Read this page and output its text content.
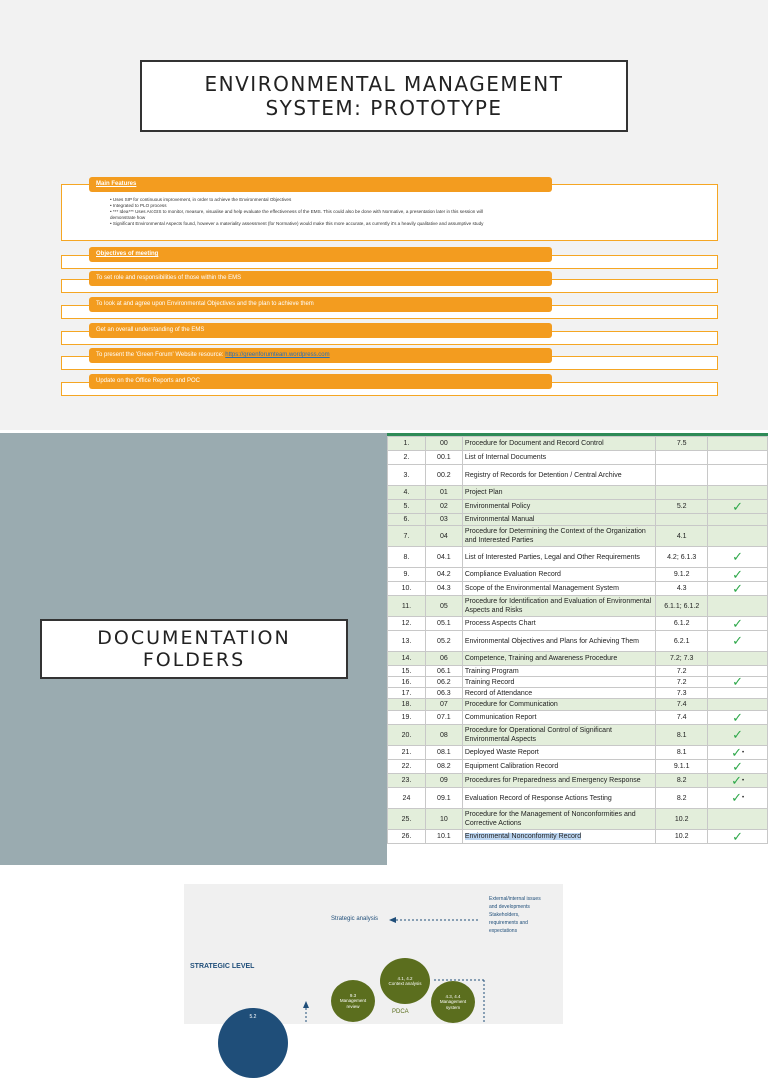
ENVIRONMENTAL MANAGEMENT
SYSTEM: PROTOTYPE
Main Features
• Uses SIP for continuous improvement, in order to achieve the Environmental Objectives
• Integrated to PLO process
• *** Idea*** Uses ArcGIS to monitor, measure, visualise and help evaluate the effectiveness of the EMS. This could also be done with Normative, a presentation later in this session will
demonstrate how
• Significant Environmental Aspects found, however a materiality assessment (for Normative) would make this more accurate, as currently it's a heavily qualitative and assumptive study
Objectives of meeting
To set role and responsibilities of those within the EMS
To look at and agree upon Environmental Objectives and the plan to achieve them
Get an overall understanding of the EMS
To present the 'Green Forum' Website resource: https://greenforumteam.wordpress.com
Update on the Office Reports and POC
DOCUMENTATION
FOLDERS
1.	00	Procedure for Document and Record Control	7.5	
2.	00.1	List of Internal Documents		
3.	00.2	Registry of Records for Detention / Central Archive		
4.	01	Project Plan		
5.	02	Environmental Policy	5.2	✓
6.	03	Environmental Manual		
7.	04	Procedure for Determining the Context of the Organization and Interested Parties	4.1	
8.	04.1	List of Interested Parties, Legal and Other Requirements	4.2; 6.1.3	✓
9.	04.2	Compliance Evaluation Record	9.1.2	✓
10.	04.3	Scope of the Environmental Management System	4.3	✓
11.	05	Procedure for Identification and Evaluation of Environmental Aspects and Risks	6.1.1; 6.1.2	
12.	05.1	Process Aspects Chart	6.1.2	✓
13.	05.2	Environmental Objectives and Plans for Achieving Them	6.2.1	✓
14.	06	Competence, Training and Awareness Procedure	7.2; 7.3	
15.	06.1	Training Program	7.2	
16.	06.2	Training Record	7.2	✓
17.	06.3	Record of Attendance	7.3	
18.	07	Procedure for Communication	7.4	
19.	07.1	Communication Report	7.4	✓
20.	08	Procedure for Operational Control of Significant Environmental Aspects	8.1	✓
21.	08.1	Deployed Waste Report	8.1	✓•
22.	08.2	Equipment Calibration Record	9.1.1	✓
23.	09	Procedures for Preparedness and Emergency Response	8.2	✓•
24	09.1	Evaluation Record of Response Actions Testing	8.2	✓•
25.	10	Procedure for the Management of Nonconformities and Corrective Actions	10.2	
26.	10.1	Environmental Nonconformity Record	10.2	✓
Strategic analysis
External/internal issues
and developments
Stakeholders,
requirements and
expectations
STRATEGIC LEVEL
4.1, 4.2
Context analysis
9.3
Management
review
4.3, 4.4
Management
system
PDCA
5.2
